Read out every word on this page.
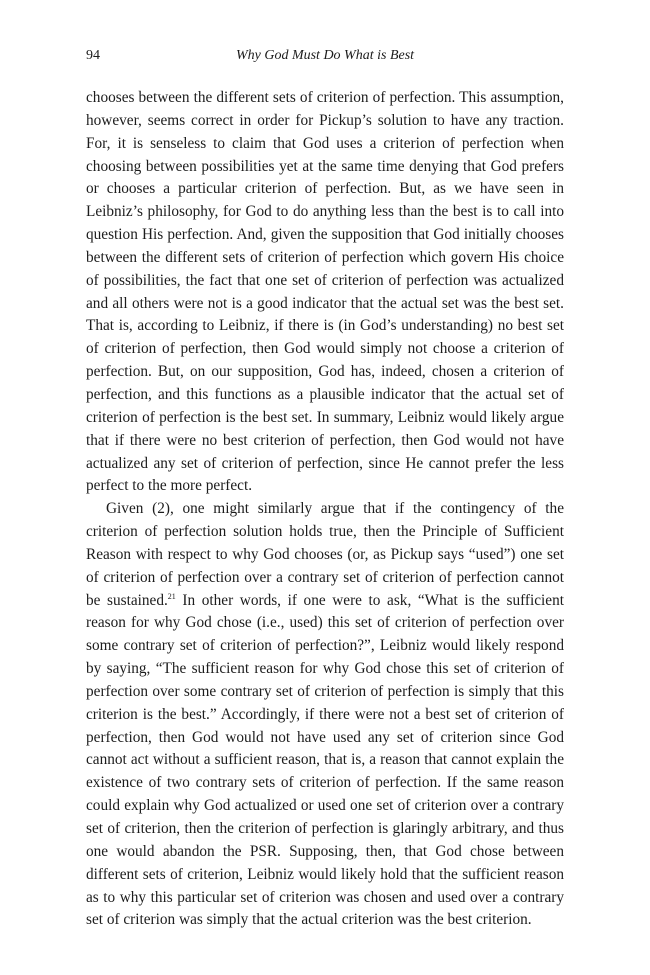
94	Why God Must Do What is Best

chooses between the different sets of criterion of perfection. This assumption, however, seems correct in order for Pickup’s solution to have any traction. For, it is senseless to claim that God uses a criterion of perfection when choosing between possibilities yet at the same time denying that God prefers or chooses a particular criterion of perfection. But, as we have seen in Leibniz’s philosophy, for God to do anything less than the best is to call into question His perfection. And, given the supposition that God initially chooses between the different sets of criterion of perfection which govern His choice of possibilities, the fact that one set of criterion of perfection was actualized and all others were not is a good indicator that the actual set was the best set. That is, according to Leibniz, if there is (in God’s understanding) no best set of criterion of perfection, then God would simply not choose a criterion of perfection. But, on our supposition, God has, indeed, chosen a criterion of perfection, and this functions as a plausible indicator that the actual set of criterion of perfection is the best set. In summary, Leibniz would likely argue that if there were no best criterion of perfection, then God would not have actualized any set of criterion of perfection, since He cannot prefer the less perfect to the more perfect.

Given (2), one might similarly argue that if the contingency of the criterion of perfection solution holds true, then the Principle of Sufficient Reason with respect to why God chooses (or, as Pickup says “used”) one set of criterion of perfection over a contrary set of criterion of perfection cannot be sustained.$^{21}$ In other words, if one were to ask, “What is the sufficient reason for why God chose (i.e., used) this set of criterion of perfection over some contrary set of criterion of perfection?”, Leibniz would likely respond by saying, “The sufficient reason for why God chose this set of criterion of perfection over some contrary set of criterion of perfection is simply that this criterion is the best.” Accordingly, if there were not a best set of criterion of perfection, then God would not have used any set of criterion since God cannot act without a sufficient reason, that is, a reason that cannot explain the existence of two contrary sets of criterion of perfection. If the same reason could explain why God actualized or used one set of criterion over a contrary set of criterion, then the criterion of perfection is glaringly arbitrary, and thus one would abandon the PSR. Supposing, then, that God chose between different sets of criterion, Leibniz would likely hold that the sufficient reason as to why this particular set of criterion was chosen and used over a contrary set of criterion was simply that the actual criterion was the best criterion.
